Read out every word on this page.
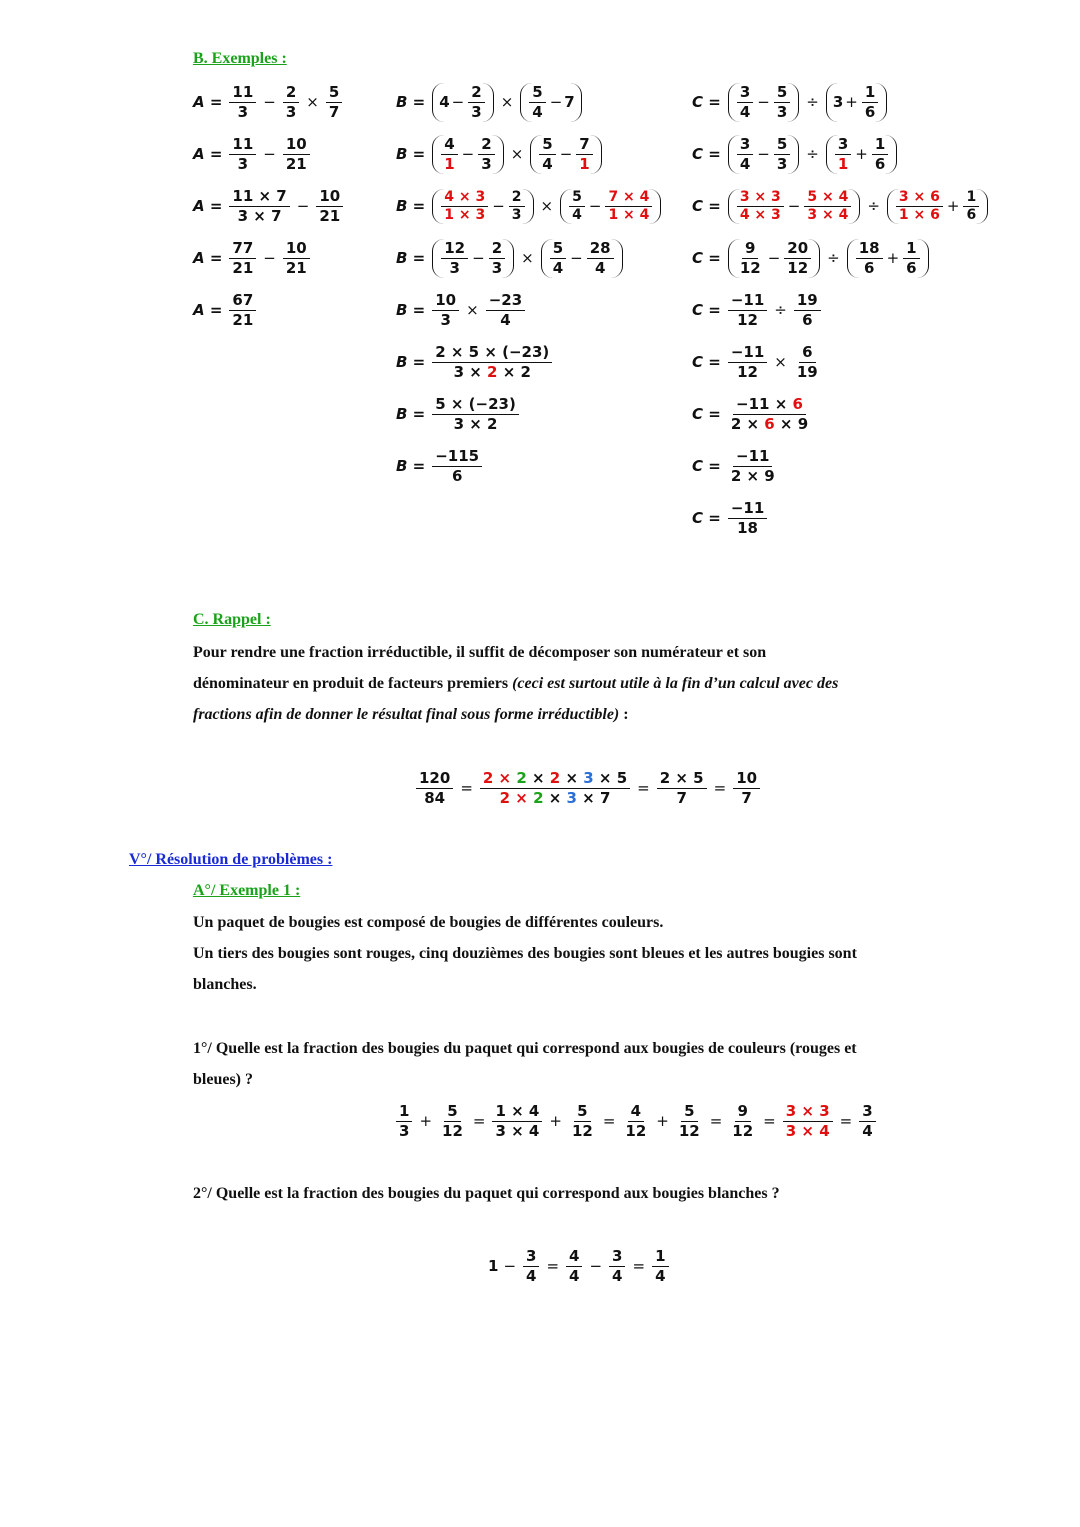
B. Exemples :
$A = \frac{11}{3} - \frac{2}{3} \times \frac{5}{7}$
$A = \frac{11}{3} - \frac{10}{21}$
$A = \frac{11 \times 7}{3 \times 7} - \frac{10}{21}$
$A = \frac{77}{21} - \frac{10}{21}$
$A = \frac{67}{21}$
$B = 4 - \frac{2}{3} \times \frac{5}{4} - 7$
$B = \frac{4}{1} - \frac{2}{3} \times \frac{5}{4} - \frac{7}{1}$
$B = \frac{4 \times 3}{1 \times 3} - \frac{2}{3} \times \frac{5}{4} - \frac{7 \times 4}{1 \times 4}$
$B = \frac{12}{3} - \frac{2}{3} \times \frac{5}{4} - \frac{28}{4}$
$B = \frac{10}{3} \times \frac{-23}{4}$
$B = \frac{2 \times 5 \times (-23)}{3 \times 2 \times 2}$
$B = \frac{5 \times (-23)}{3 \times 2}$
$B = \frac{-115}{6}$
$C = \frac{3}{4} - \frac{5}{3} \div 3 + \frac{1}{6}$
$C = \frac{3}{4} - \frac{5}{3} \div \frac{3}{1} + \frac{1}{6}$
$C = \frac{3 \times 3}{4 \times 3} - \frac{5 \times 4}{3 \times 4} \div \frac{3 \times 6}{1 \times 6} + \frac{1}{6}$
$C = \frac{9}{12} - \frac{20}{12} \div \frac{18}{6} + \frac{1}{6}$
$C = \frac{-11}{12} \div \frac{19}{6}$
$C = \frac{-11}{12} \times \frac{6}{19}$
$C = \frac{-11 \times 6}{2 \times 6 \times 9}$
$C = \frac{-11}{2 \times 9}$
$C = \frac{-11}{18}$
C. Rappel :
Pour rendre une fraction irréductible, il suffit de décomposer son numérateur et son
dénominateur en produit de facteurs premiers (ceci est surtout utile à la fin d’un calcul avec des
fractions afin de donner le résultat final sous forme irréductible) :
$\frac{120}{84} = \frac{2 \times 2 \times 2 \times 3 \times 5}{2 \times 2 \times 3 \times 7} = \frac{2 \times 5}{7} = \frac{10}{7}$
V°/ Résolution de problèmes :
A°/ Exemple 1 :
Un paquet de bougies est composé de bougies de différentes couleurs.
Un tiers des bougies sont rouges, cinq douzièmes des bougies sont bleues et les autres bougies sont
blanches.
1°/ Quelle est la fraction des bougies du paquet qui correspond aux bougies de couleurs (rouges et
bleues) ?
$\frac{1}{3} + \frac{5}{12} = \frac{1 \times 4}{3 \times 4} + \frac{5}{12} = \frac{4}{12} + \frac{5}{12} = \frac{9}{12} = \frac{3 \times 3}{3 \times 4} = \frac{3}{4}$
2°/ Quelle est la fraction des bougies du paquet qui correspond aux bougies blanches ?
$1 - \frac{3}{4} = \frac{4}{4} - \frac{3}{4} = \frac{1}{4}$
